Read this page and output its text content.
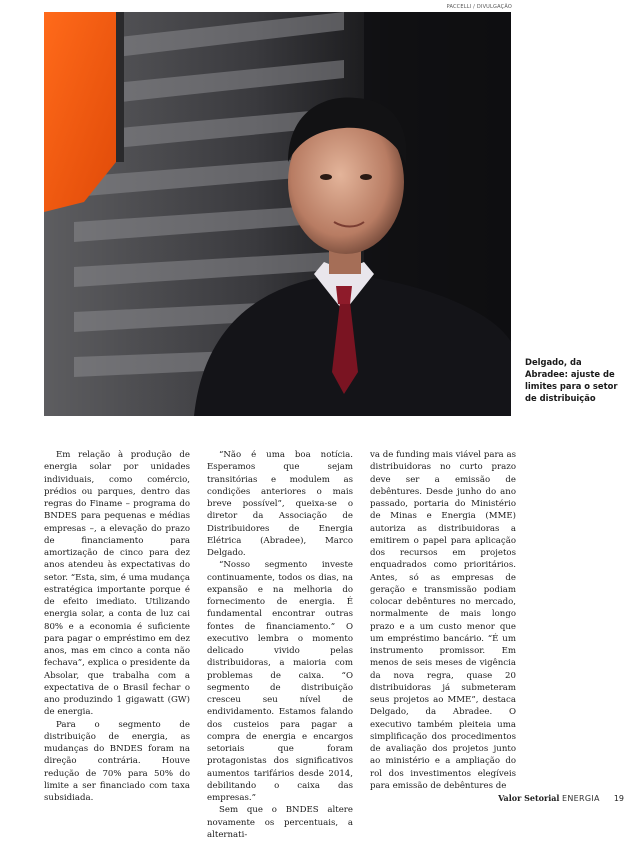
PACCELLI / DIVULGAÇÃO

Delgado, da Abradee: ajuste de limites para o setor de distribuição

Em relação à produção de energia solar por unidades individuais, como comércio, prédios ou parques, dentro das regras do Finame – programa do BNDES para pequenas e médias empresas –, a elevação do prazo de financiamento para amortização de cinco para dez anos atendeu às expectativas do setor. “Esta, sim, é uma mudança estratégica importante porque é de efeito imediato. Utilizando energia solar, a conta de luz cai 80% e a economia é suficiente para pagar o empréstimo em dez anos, mas em cinco a conta não fechava”, explica o presidente da Absolar, que trabalha com a expectativa de o Brasil fechar o ano produzindo 1 gigawatt (GW) de energia.

Para o segmento de distribuição de energia, as mudanças do BNDES foram na direção contrária. Houve redução de 70% para 50% do limite a ser financiado com taxa subsidiada.

“Não é uma boa notícia. Esperamos que sejam transitórias e modulem as condições anteriores o mais breve possível”, queixa-se o diretor da Associação de Distribuidores de Energia Elétrica (Abradee), Marco Delgado.

“Nosso segmento investe continuamente, todos os dias, na expansão e na melhoria do fornecimento de energia. É fundamental encontrar outras fontes de financiamento.” O executivo lembra o momento delicado vivido pelas distribuidoras, a maioria com problemas de caixa. “O segmento de distribuição cresceu seu nível de endividamento. Estamos falando dos custeios para pagar a compra de energia e encargos setoriais que foram protagonistas dos significativos aumentos tarifários desde 2014, debilitando o caixa das empresas.”

Sem que o BNDES altere novamente os percentuais, a alternati-

va de funding mais viável para as distribuidoras no curto prazo deve ser a emissão de debêntures. Desde junho do ano passado, portaria do Ministério de Minas e Energia (MME) autoriza as distribuidoras a emitirem o papel para aplicação dos recursos em projetos enquadrados como prioritários. Antes, só as empresas de geração e transmissão podiam colocar debêntures no mercado, normalmente de mais longo prazo e a um custo menor que um empréstimo bancário. “É um instrumento promissor. Em menos de seis meses de vigência da nova regra, quase 20 distribuidoras já submeteram seus projetos ao MME”, destaca Delgado, da Abradee. O executivo também pleiteia uma simplificação dos procedimentos de avaliação dos projetos junto ao ministério e a ampliação do rol dos investimentos elegíveis para emissão de debêntures de

Valor Setorial ENERGIA 19
